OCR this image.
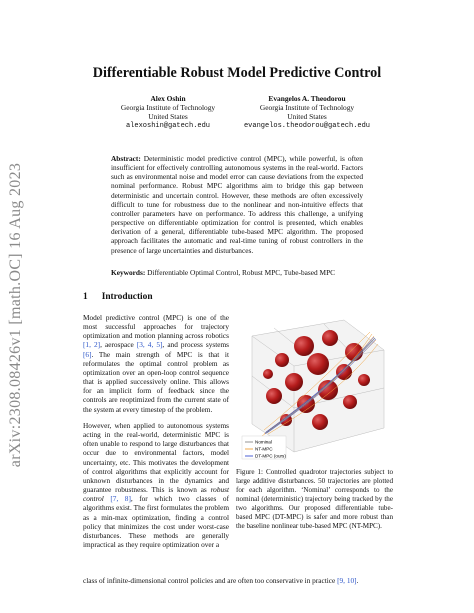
arXiv:2308.08426v1 [math.OC] 16 Aug 2023
Differentiable Robust Model Predictive Control
Alex Oshin
Georgia Institute of Technology
United States
alexoshin@gatech.edu
Evangelos A. Theodorou
Georgia Institute of Technology
United States
evangelos.theodorou@gatech.edu
Abstract: Deterministic model predictive control (MPC), while powerful, is often insufficient for effectively controlling autonomous systems in the real-world. Factors such as environmental noise and model error can cause deviations from the expected nominal performance. Robust MPC algorithms aim to bridge this gap between deterministic and uncertain control. However, these methods are often excessively difficult to tune for robustness due to the nonlinear and non-intuitive effects that controller parameters have on performance. To address this challenge, a unifying perspective on differentiable optimization for control is presented, which enables derivation of a general, differentiable tube-based MPC algorithm. The proposed approach facilitates the automatic and real-time tuning of robust controllers in the presence of large uncertainties and disturbances.
Keywords: Differentiable Optimal Control, Robust MPC, Tube-based MPC
1 Introduction
Model predictive control (MPC) is one of the most successful approaches for trajectory optimization and motion planning across robotics [1, 2], aerospace [3, 4, 5], and process systems [6]. The main strength of MPC is that it reformulates the optimal control problem as optimization over an open-loop control sequence that is applied successively online. This allows for an implicit form of feedback since the controls are reoptimized from the current state of the system at every timestep of the problem.
However, when applied to autonomous systems acting in the real-world, deterministic MPC is often unable to respond to large disturbances that occur due to environmental factors, model uncertainty, etc. This motivates the development of control algorithms that explicitly account for unknown disturbances in the dynamics and guarantee robustness. This is known as robust control [7, 8], for which two classes of algorithms exist. The first formulates the problem as a min-max optimization, finding a control policy that minimizes the cost under worst-case disturbances. These methods are generally impractical as they require optimization over a
class of infinite-dimensional control policies and are often too conservative in practice [9, 10].
Nominal
NT-MPC
DT-MPC (ours)
Figure 1: Controlled quadrotor trajectories subject to large additive disturbances. 50 trajectories are plotted for each algorithm. ‘Nominal’ corresponds to the nominal (deterministic) trajectory being tracked by the two algorithms. Our proposed differentiable tube-based MPC (DT-MPC) is safer and more robust than the baseline nonlinear tube-based MPC (NT-MPC).
